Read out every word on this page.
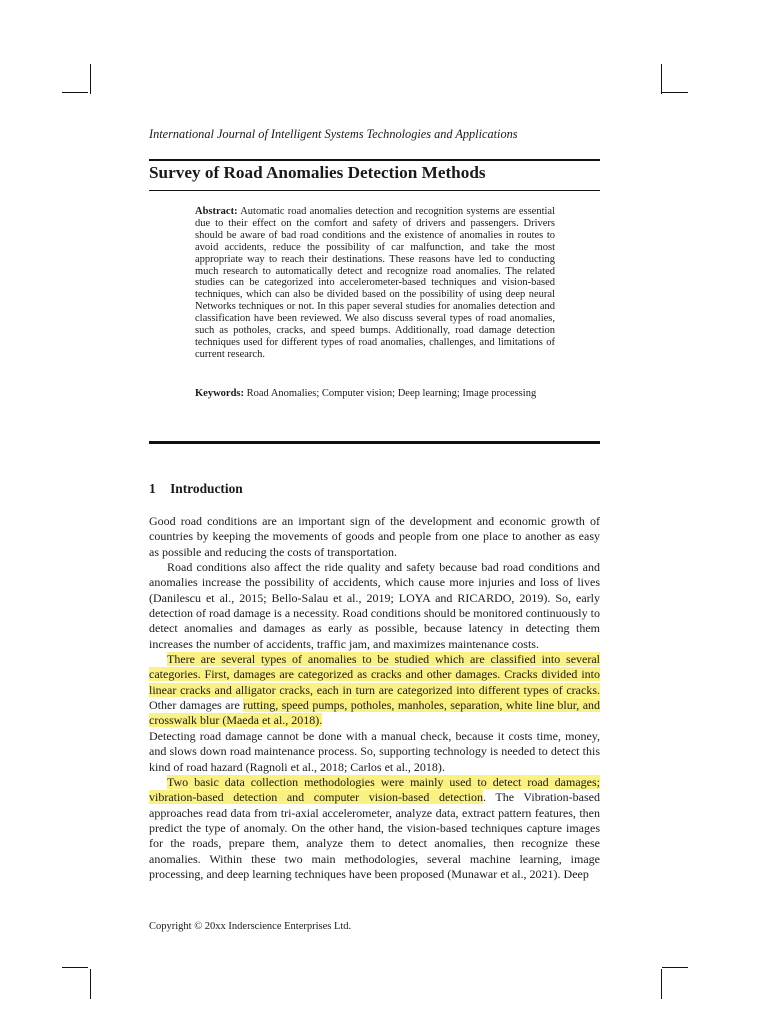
International Journal of Intelligent Systems Technologies and Applications
Survey of Road Anomalies Detection Methods
Abstract: Automatic road anomalies detection and recognition systems are essential due to their effect on the comfort and safety of drivers and passengers. Drivers should be aware of bad road conditions and the existence of anomalies in routes to avoid accidents, reduce the possibility of car malfunction, and take the most appropriate way to reach their destinations. These reasons have led to conducting much research to automatically detect and recognize road anomalies. The related studies can be categorized into accelerometer-based techniques and vision-based techniques, which can also be divided based on the possibility of using deep neural Networks techniques or not. In this paper several studies for anomalies detection and classification have been reviewed. We also discuss several types of road anomalies, such as potholes, cracks, and speed bumps. Additionally, road damage detection techniques used for different types of road anomalies, challenges, and limitations of current research.
Keywords: Road Anomalies; Computer vision; Deep learning; Image processing
1 Introduction

Good road conditions are an important sign of the development and economic growth of countries by keeping the movements of goods and people from one place to another as easy as possible and reducing the costs of transportation.

Road conditions also affect the ride quality and safety because bad road conditions and anomalies increase the possibility of accidents, which cause more injuries and loss of lives (Danilescu et al., 2015; Bello-Salau et al., 2019; LOYA and RICARDO, 2019). So, early detection of road damage is a necessity. Road conditions should be monitored continuously to detect anomalies and damages as early as possible, because latency in detecting them increases the number of accidents, traffic jam, and maximizes maintenance costs.

There are several types of anomalies to be studied which are classified into several categories. First, damages are categorized as cracks and other damages. Cracks divided into linear cracks and alligator cracks, each in turn are categorized into different types of cracks. Other damages are rutting, speed pumps, potholes, manholes, separation, white line blur, and crosswalk blur (Maeda et al., 2018).

Detecting road damage cannot be done with a manual check, because it costs time, money, and slows down road maintenance process. So, supporting technology is needed to detect this kind of road hazard (Ragnoli et al., 2018; Carlos et al., 2018).

Two basic data collection methodologies were mainly used to detect road damages; vibration-based detection and computer vision-based detection. The Vibration-based approaches read data from tri-axial accelerometer, analyze data, extract pattern features, then predict the type of anomaly. On the other hand, the vision-based techniques capture images for the roads, prepare them, analyze them to detect anomalies, then recognize these anomalies. Within these two main methodologies, several machine learning, image processing, and deep learning techniques have been proposed (Munawar et al., 2021). Deep

Copyright © 20xx Inderscience Enterprises Ltd.
